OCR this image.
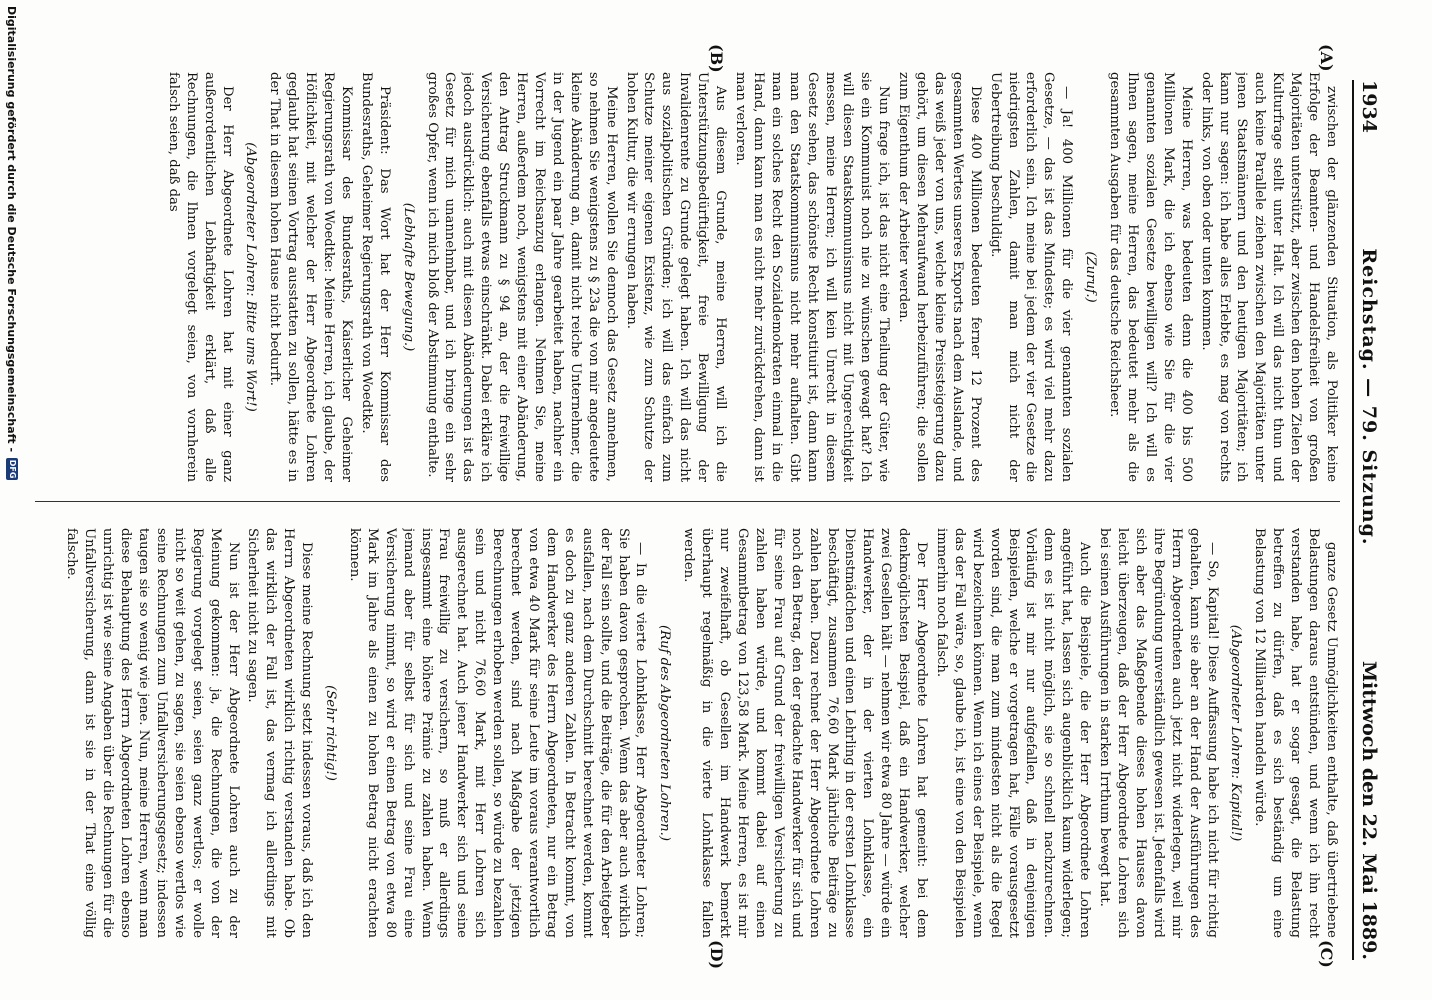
1934
Reichstag. — 79. Sitzung.
Mittwoch den 22. Mai 1889.
(A)
(B)
(C)
(D)

zwischen der glänzenden Situation, als Politiker keine Erfolge der Beamten- und Handelsfreiheit von großen Majoritäten unterstützt, aber zwischen den hohen Zielen der Kulturfrage stellt unter Halt. Ich will das nicht thun und auch keine Parallele ziehen zwischen den Majoritäten unter jenen Staatsmännern und den heutigen Majoritäten; ich kann nur sagen: ich habe alles Erlebte, es mag von rechts oder links, von oben oder unten kommen.

Meine Herren, was bedeuten denn die 400 bis 500 Millionen Mark, die ich ebenso wie Sie für die vier genannten sozialen Gesetze bewilligen will? Ich will es Ihnen sagen, meine Herren, das bedeutet mehr als die gesammten Ausgaben für das deutsche Reichsheer.

(Zuruf.)

— Ja! 400 Millionen für die vier genannten sozialen Gesetze, — das ist das Mindeste; es wird viel mehr dazu erforderlich sein. Ich meine bei jedem der vier Gesetze die niedrigsten Zahlen, damit man mich nicht der Uebertreibung beschuldigt.

Diese 400 Millionen bedeuten ferner 12 Prozent des gesammten Wertes unseres Exports nach dem Auslande, und das weiß jeder von uns, welche kleine Preissteigerung dazu gehört, um diesen Mehraufwand herbeizuführen; die sollen zum Eigenthum der Arbeiter werden.

Nun frage ich, ist das nicht eine Theilung der Güter, wie sie ein Kommunist noch nie zu wünschen gewagt hat? Ich will diesen Staatskommunismus nicht mit Ungerechtigkeit messen, meine Herren; ich will kein Unrecht in diesem Gesetz sehen, das schönste Recht konstituirt ist, dann kann man den Staatskommunismus nicht mehr aufhalten. Gibt man ein solches Recht den Sozialdemokraten einmal in die Hand, dann kann man es nicht mehr zurückdrehen, dann ist man verloren.

Aus diesem Grunde, meine Herren, will ich die Unterstützungsbedürftigkeit, freie Bewilligung der Invalidenrente zu Grunde gelegt haben. Ich will das nicht aus sozialpolitischen Gründen; ich will das einfach zum Schutze meiner eigenen Existenz, wie zum Schutze der hohen Kultur, die wir errungen haben.

Meine Herren, wollen Sie dennoch das Gesetz annehmen, so nehmen Sie wenigstens zu § 23a die von mir angedeutete kleine Abänderung an, damit nicht reiche Unternehmer, die in der Jugend ein paar Jahre gearbeitet haben, nachher ein Vorrecht im Reichsanzug erlangen. Nehmen Sie, meine Herren, außerdem noch, wenigstens mit einer Abänderung, den Antrag Struckmann zu § 94 an, der die freiwillige Versicherung ebenfalls etwas einschränkt. Dabei erkläre ich jedoch ausdrücklich: auch mit diesen Abänderungen ist das Gesetz für mich unannehmbar, und ich bringe ein sehr großes Opfer, wenn ich mich bloß der Abstimmung enthalte.

(Lebhafte Bewegung.)

Präsident: Das Wort hat der Herr Kommissar des Bundesraths, Geheimer Regierungsrath von Woedtke.

Kommissar des Bundesraths, Kaiserlicher Geheimer Regierungsrath von Woedtke: Meine Herren, ich glaube, der Höflichkeit, mit welcher der Herr Abgeordnete Lohren geglaubt hat seinen Vortrag ausstatten zu sollen, hätte es in der That in diesem hohen Hause nicht bedurft.

(Abgeordneter Lohren: Bitte ums Wort!)

Der Herr Abgeordnete Lohren hat mit einer ganz außerordentlichen Lebhaftigkeit erklärt, daß alle Rechnungen, die Ihnen vorgelegt seien, von vornherein falsch seien, daß das

ganze Gesetz Unmöglichkeiten enthalte, daß übertriebene Belastungen daraus entstünden, und wenn ich ihn recht verstanden habe, hat er sogar gesagt, die Belastung betreffen zu dürfen, daß es sich beständig um eine Belastung von 12 Milliarden handeln würde.

(Abgeordneter Lohren: Kapital!)

— So, Kapital! Diese Auffassung habe ich nicht für richtig gehalten, kann sie aber an der Hand der Ausführungen des Herrn Abgeordneten auch jetzt nicht widerlegen, weil mir ihre Begründung unverständlich gewesen ist. Jedenfalls wird sich aber das Maßgebende dieses hohen Hauses davon leicht überzeugen, daß der Herr Abgeordnete Lohren sich bei seinen Ausführungen in starken Irrthum bewegt hat.

Auch die Beispiele, die der Herr Abgeordnete Lohren angeführt hat, lassen sich augenblicklich kaum widerlegen; denn es ist nicht möglich, sie so schnell nachzurechnen. Vorläufig ist mir nur aufgefallen, daß in denjenigen Beispielen, welche er vorgetragen hat, Fälle vorausgesetzt worden sind, die man zum mindesten nicht als die Regel wird bezeichnen können. Wenn ich eines der Beispiele, wenn das der Fall wäre, so, glaube ich, ist eine von den Beispielen immerhin noch falsch.

Der Herr Abgeordnete Lohren hat gemeint: bei dem denkmöglichsten Beispiel, daß ein Handwerker, welcher zwei Gesellen hält — nehmen wir etwa 80 Jahre — würde ein Handwerker, der in der vierten Lohnklasse, ein Dienstmädchen und einen Lehrling in der ersten Lohnklasse beschäftigt, zusammen 76,60 Mark jährliche Beiträge zu zahlen haben. Dazu rechnet der Herr Abgeordnete Lohren noch den Betrag, den der gedachte Handwerker für sich und für seine Frau auf Grund der freiwilligen Versicherung zu zahlen haben würde, und kommt dabei auf einen Gesammtbetrag von 123,58 Mark. Meine Herren, es ist mir nur zweifelhaft, ob Gesellen im Handwerk bemerkt überhaupt regelmäßig in die vierte Lohnklasse fallen werden.

(Ruf des Abgeordneten Lohren.)

— In die vierte Lohnklasse, Herr Abgeordneter Lohren; Sie haben davon gesprochen. Wenn das aber auch wirklich der Fall sein sollte, und die Beiträge, die für den Arbeitgeber ausfallen, nach dem Durchschnitt berechnet werden, kommt es doch zu ganz anderen Zahlen. In Betracht kommt, von dem Handwerker des Herrn Abgeordneten, nur ein Betrag von etwa 40 Mark für seine Leute im voraus verantwortlich berechnet werden, sind nach Maßgabe der jetzigen Berechnungen erhoben werden sollen, so würde zu bezahlen sein und nicht 76,60 Mark, mit Herr Lohren sich ausgerechnet hat. Auch jener Handwerker sich und seine Frau freiwillig zu versichern, so muß er allerdings insgesammt eine höhere Prämie zu zahlen haben. Wenn jemand aber für selbst für sich und seine Frau eine Versicherung nimmt, so wird er einen Betrag von etwa 80 Mark im Jahre als einen zu hohen Betrag nicht erachten können.

(Sehr richtig!)

Diese meine Rechnung setzt indessen voraus, daß ich den Herrn Abgeordneten wirklich richtig verstanden habe. Ob das wirklich der Fall ist, das vermag ich allerdings mit Sicherheit nicht zu sagen.

Nun ist der Herr Abgeordnete Lohren auch zu der Meinung gekommen: ja, die Rechnungen, die von der Regierung vorgelegt seien, seien ganz wertlos; er wolle nicht so weit gehen, zu sagen, sie seien ebenso wertlos wie seine Rechnungen zum Unfallversicherungsgesetz; indessen taugen sie so wenig wie jene. Nun, meine Herren, wenn man diese Behauptung des Herrn Abgeordneten Lohren ebenso unrichtig ist wie seine Angaben über die Rechnungen für die Unfallversicherung, dann ist sie in der That eine völlig falsche.

Digitalisierung gefördert durch die Deutsche Forschungsgemeinschaft -
DFG
